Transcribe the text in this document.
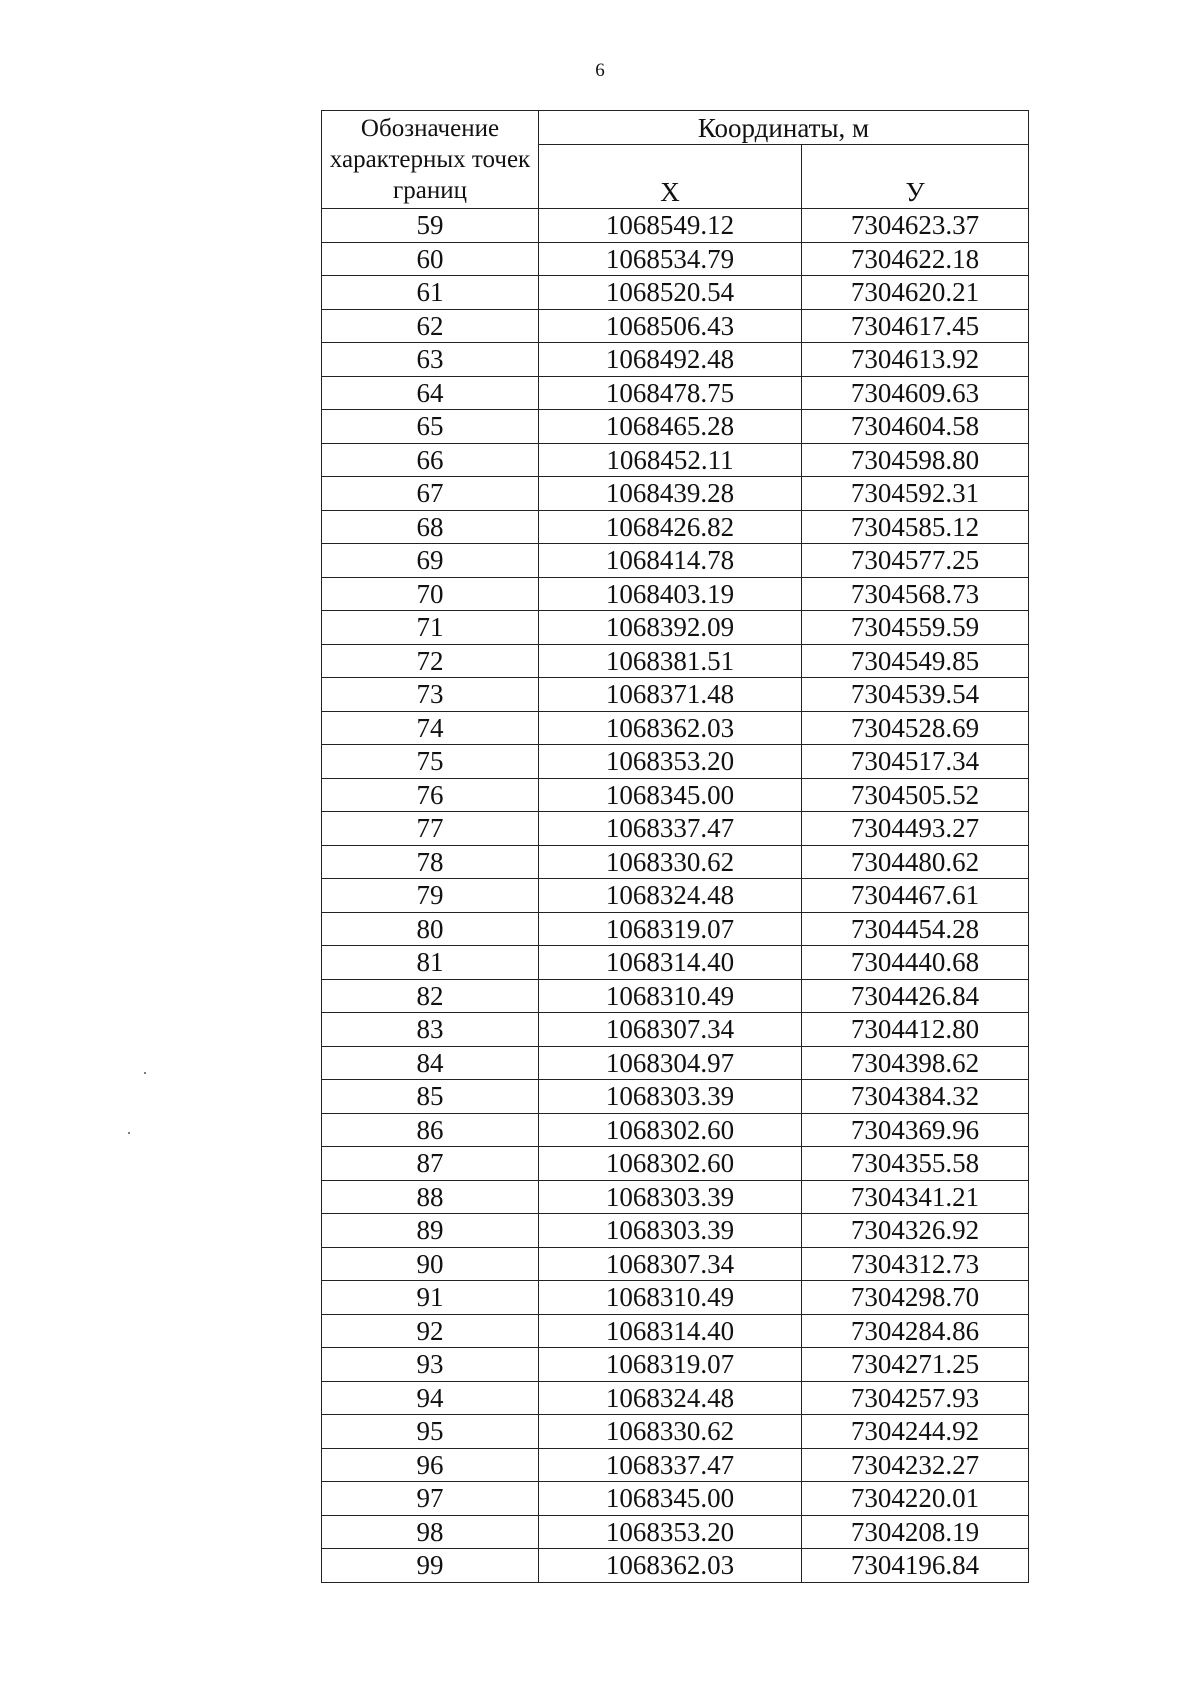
6
Обозначение характерных точек границ	Координаты, м	
	Х	У
59	1068549.12	7304623.37
60	1068534.79	7304622.18
61	1068520.54	7304620.21
62	1068506.43	7304617.45
63	1068492.48	7304613.92
64	1068478.75	7304609.63
65	1068465.28	7304604.58
66	1068452.11	7304598.80
67	1068439.28	7304592.31
68	1068426.82	7304585.12
69	1068414.78	7304577.25
70	1068403.19	7304568.73
71	1068392.09	7304559.59
72	1068381.51	7304549.85
73	1068371.48	7304539.54
74	1068362.03	7304528.69
75	1068353.20	7304517.34
76	1068345.00	7304505.52
77	1068337.47	7304493.27
78	1068330.62	7304480.62
79	1068324.48	7304467.61
80	1068319.07	7304454.28
81	1068314.40	7304440.68
82	1068310.49	7304426.84
83	1068307.34	7304412.80
84	1068304.97	7304398.62
85	1068303.39	7304384.32
86	1068302.60	7304369.96
87	1068302.60	7304355.58
88	1068303.39	7304341.21
89	1068303.39	7304326.92
90	1068307.34	7304312.73
91	1068310.49	7304298.70
92	1068314.40	7304284.86
93	1068319.07	7304271.25
94	1068324.48	7304257.93
95	1068330.62	7304244.92
96	1068337.47	7304232.27
97	1068345.00	7304220.01
98	1068353.20	7304208.19
99	1068362.03	7304196.84
